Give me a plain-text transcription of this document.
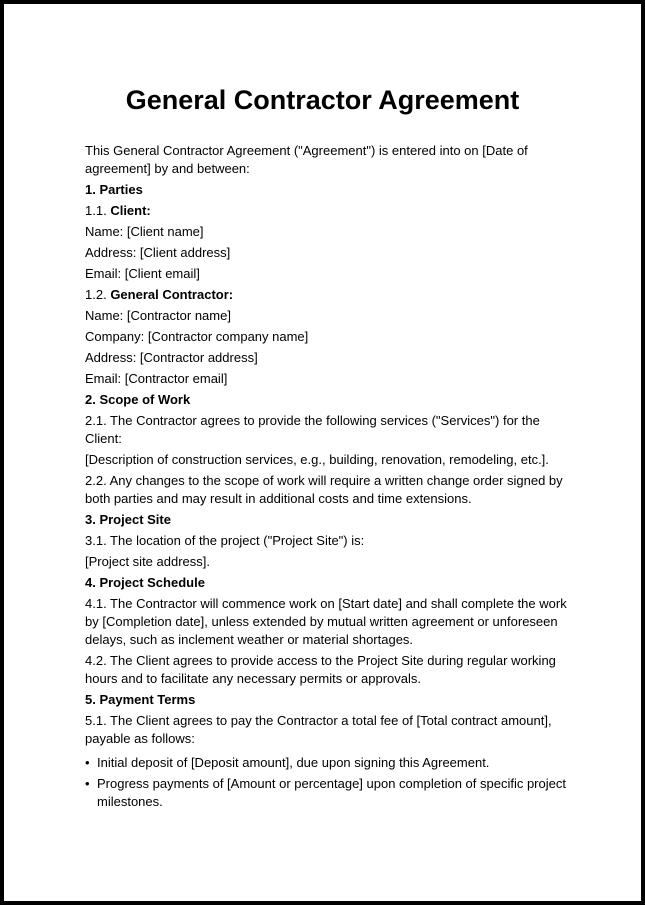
General Contractor Agreement

This General Contractor Agreement ("Agreement") is entered into on [Date of agreement] by and between:

1. Parties

1.1. Client:

Name: [Client name]

Address: [Client address]

Email: [Client email]

1.2. General Contractor:

Name: [Contractor name]

Company: [Contractor company name]

Address: [Contractor address]

Email: [Contractor email]

2. Scope of Work

2.1. The Contractor agrees to provide the following services ("Services") for the Client:

[Description of construction services, e.g., building, renovation, remodeling, etc.].

2.2. Any changes to the scope of work will require a written change order signed by both parties and may result in additional costs and time extensions.

3. Project Site

3.1. The location of the project ("Project Site") is:

[Project site address].

4. Project Schedule

4.1. The Contractor will commence work on [Start date] and shall complete the work by [Completion date], unless extended by mutual written agreement or unforeseen delays, such as inclement weather or material shortages.

4.2. The Client agrees to provide access to the Project Site during regular working hours and to facilitate any necessary permits or approvals.

5. Payment Terms

5.1. The Client agrees to pay the Contractor a total fee of [Total contract amount], payable as follows:

• Initial deposit of [Deposit amount], due upon signing this Agreement.
• Progress payments of [Amount or percentage] upon completion of specific project milestones.
